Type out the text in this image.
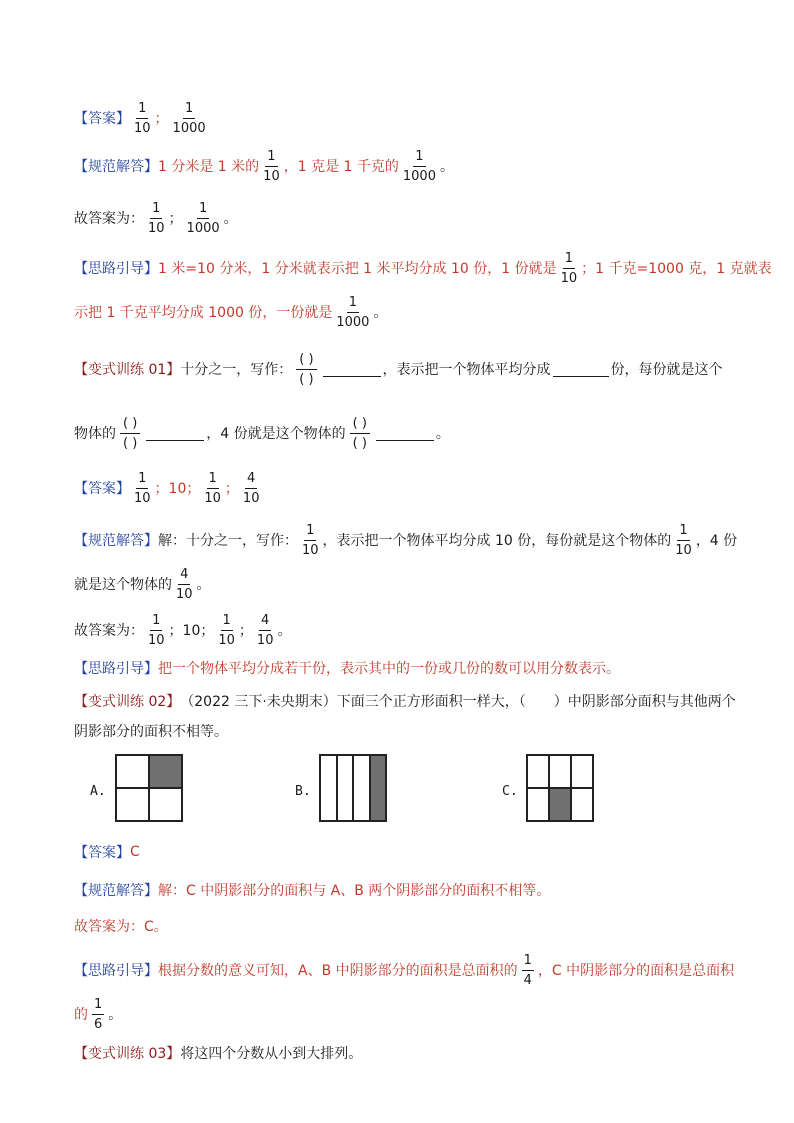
【答案】 $\frac{1}{10}$ ； $\frac{1}{1000}$
【规范解答】 1 分米是 1 米的 $\frac{1}{10}$ ，1 克是 1 千克的 $\frac{1}{1000}$ 。
故答案为： $\frac{1}{10}$ ； $\frac{1}{1000}$ 。
【思路引导】 1 米=10 分米，1 分米就表示把 1 米平均分成 10 份，1 份就是 $\frac{1}{10}$ ；1 千克=1000 克，1 克就表
示把 1 千克平均分成 1000 份，一份就是 $\frac{1}{1000}$ 。
【变式训练 01】 十分之一，写作： $\frac{( )}{( )}$	，表示把一个物体平均分成	份，每份就是这个
物体的 $\frac{( )}{( )}$	，4 份就是这个物体的 $\frac{( )}{( )}$	。
【答案】 $\frac{1}{10}$ ；10； $\frac{1}{10}$ ； $\frac{4}{10}$
【规范解答】 解：十分之一，写作： $\frac{1}{10}$ ，表示把一个物体平均分成 10 份，每份就是这个物体的 $\frac{1}{10}$ ，4 份
就是这个物体的 $\frac{4}{10}$ 。
故答案为： $\frac{1}{10}$ ；10； $\frac{1}{10}$ ； $\frac{4}{10}$ 。
【思路引导】 把一个物体平均分成若干份，表示其中的一份或几份的数可以用分数表示。
【变式训练 02】 （2022 三下·未央期末）下面三个正方形面积一样大，（　　）中阴影部分面积与其他两个
阴影部分的面积不相等。
A.	B.	C.
【答案】 C
【规范解答】 解：C 中阴影部分的面积与 A、B 两个阴影部分的面积不相等。
故答案为：C。
【思路引导】 根据分数的意义可知，A、B 中阴影部分的面积是总面积的 $\frac{1}{4}$ ，C 中阴影部分的面积是总面积
的 $\frac{1}{6}$ 。
【变式训练 03】 将这四个分数从小到大排列。
